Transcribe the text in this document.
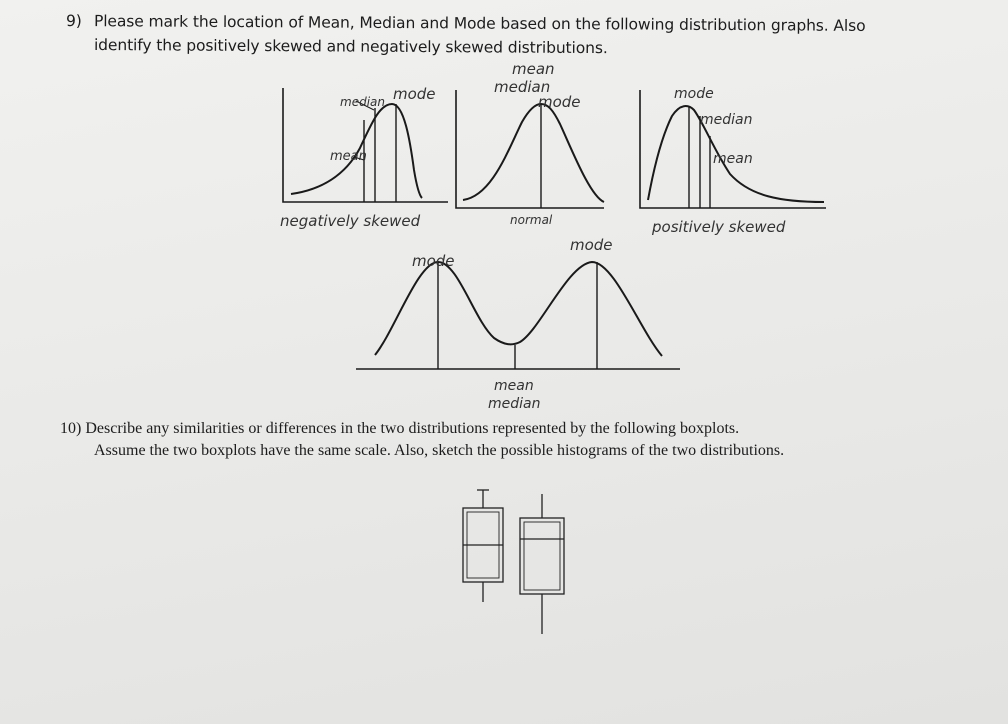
9) Please mark the location of Mean, Median and Mode based on the following distribution graphs. Also
identify the positively skewed and negatively skewed distributions.
10) Describe any similarities or differences in the two distributions represented by the following boxplots.
Assume the two boxplots have the same scale. Also, sketch the possible histograms of the two distributions.
median mode
mean
negatively skewed
mean
median
mode
normal
mode
median
mean
positively skewed
mode
mode
mean
median
